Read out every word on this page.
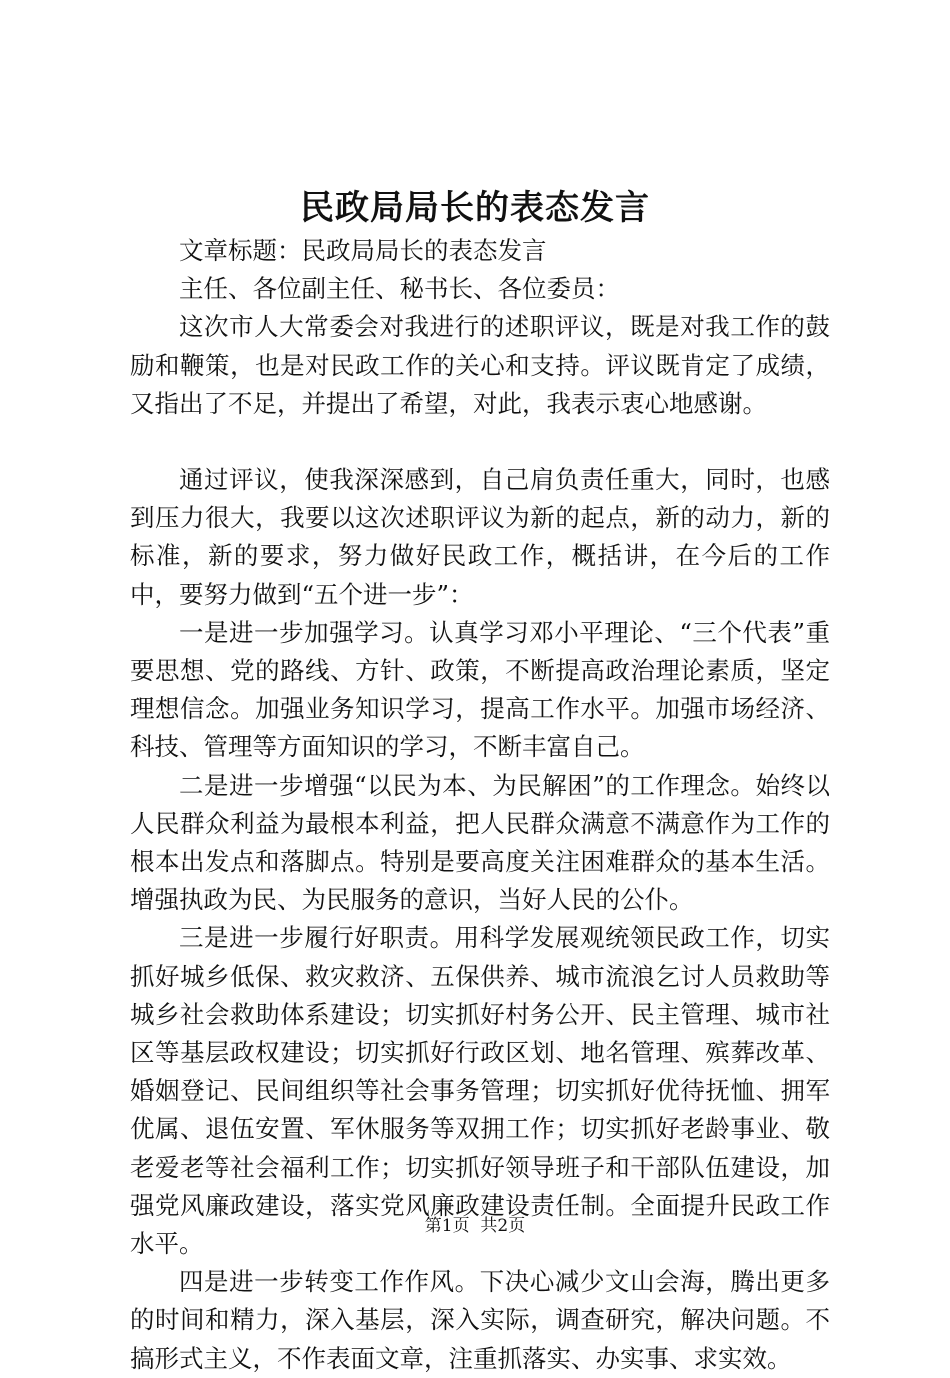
民政局局长的表态发言

文章标题：民政局局长的表态发言

主任、各位副主任、秘书长、各位委员：

这次市人大常委会对我进行的述职评议，既是对我工作的鼓励和鞭策，也是对民政工作的关心和支持。评议既肯定了成绩，又指出了不足，并提出了希望，对此，我表示衷心地感谢。

通过评议，使我深深感到，自己肩负责任重大，同时，也感到压力很大，我要以这次述职评议为新的起点，新的动力，新的标准，新的要求，努力做好民政工作，概括讲，在今后的工作中，要努力做到“五个进一步”：

一是进一步加强学习。认真学习邓小平理论、“三个代表”重要思想、党的路线、方针、政策，不断提高政治理论素质，坚定理想信念。加强业务知识学习，提高工作水平。加强市场经济、科技、管理等方面知识的学习，不断丰富自己。

二是进一步增强“以民为本、为民解困”的工作理念。始终以人民群众利益为最根本利益，把人民群众满意不满意作为工作的根本出发点和落脚点。特别是要高度关注困难群众的基本生活。增强执政为民、为民服务的意识，当好人民的公仆。

三是进一步履行好职责。用科学发展观统领民政工作，切实抓好城乡低保、救灾救济、五保供养、城市流浪乞讨人员救助等城乡社会救助体系建设；切实抓好村务公开、民主管理、城市社区等基层政权建设；切实抓好行政区划、地名管理、殡葬改革、婚姻登记、民间组织等社会事务管理；切实抓好优待抚恤、拥军优属、退伍安置、军休服务等双拥工作；切实抓好老龄事业、敬老爱老等社会福利工作；切实抓好领导班子和干部队伍建设，加强党风廉政建设，落实党风廉政建设责任制。全面提升民政工作水平。

四是进一步转变工作作风。下决心减少文山会海，腾出更多的时间和精力，深入基层，深入实际，调查研究，解决问题。不搞形式主义，不作表面文章，注重抓落实、办实事、求实效。

第1页  共2页
